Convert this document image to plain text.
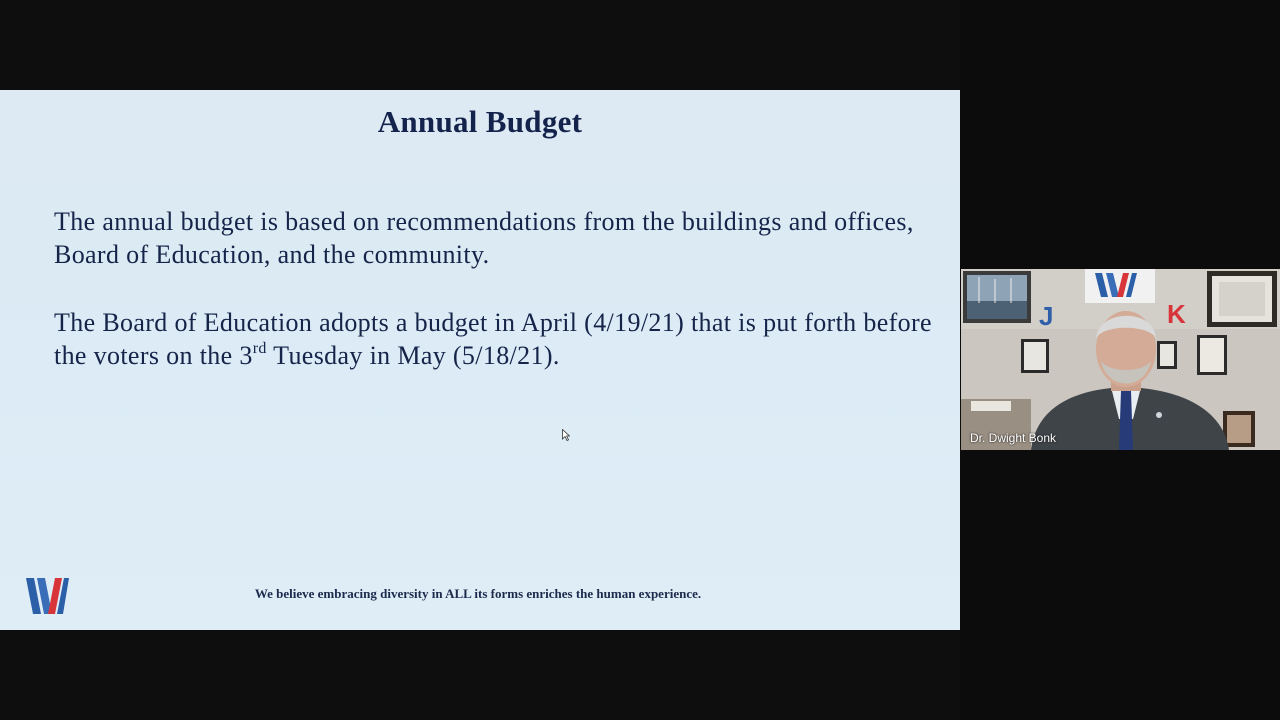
Annual Budget
The annual budget is based on recommendations from the buildings and offices, Board of Education, and the community.
The Board of Education adopts a budget in April (4/19/21) that is put forth before the voters on the 3rd Tuesday in May (5/18/21).
We believe embracing diversity in ALL its forms enriches the human experience.
J	K
Dr. Dwight Bonk
